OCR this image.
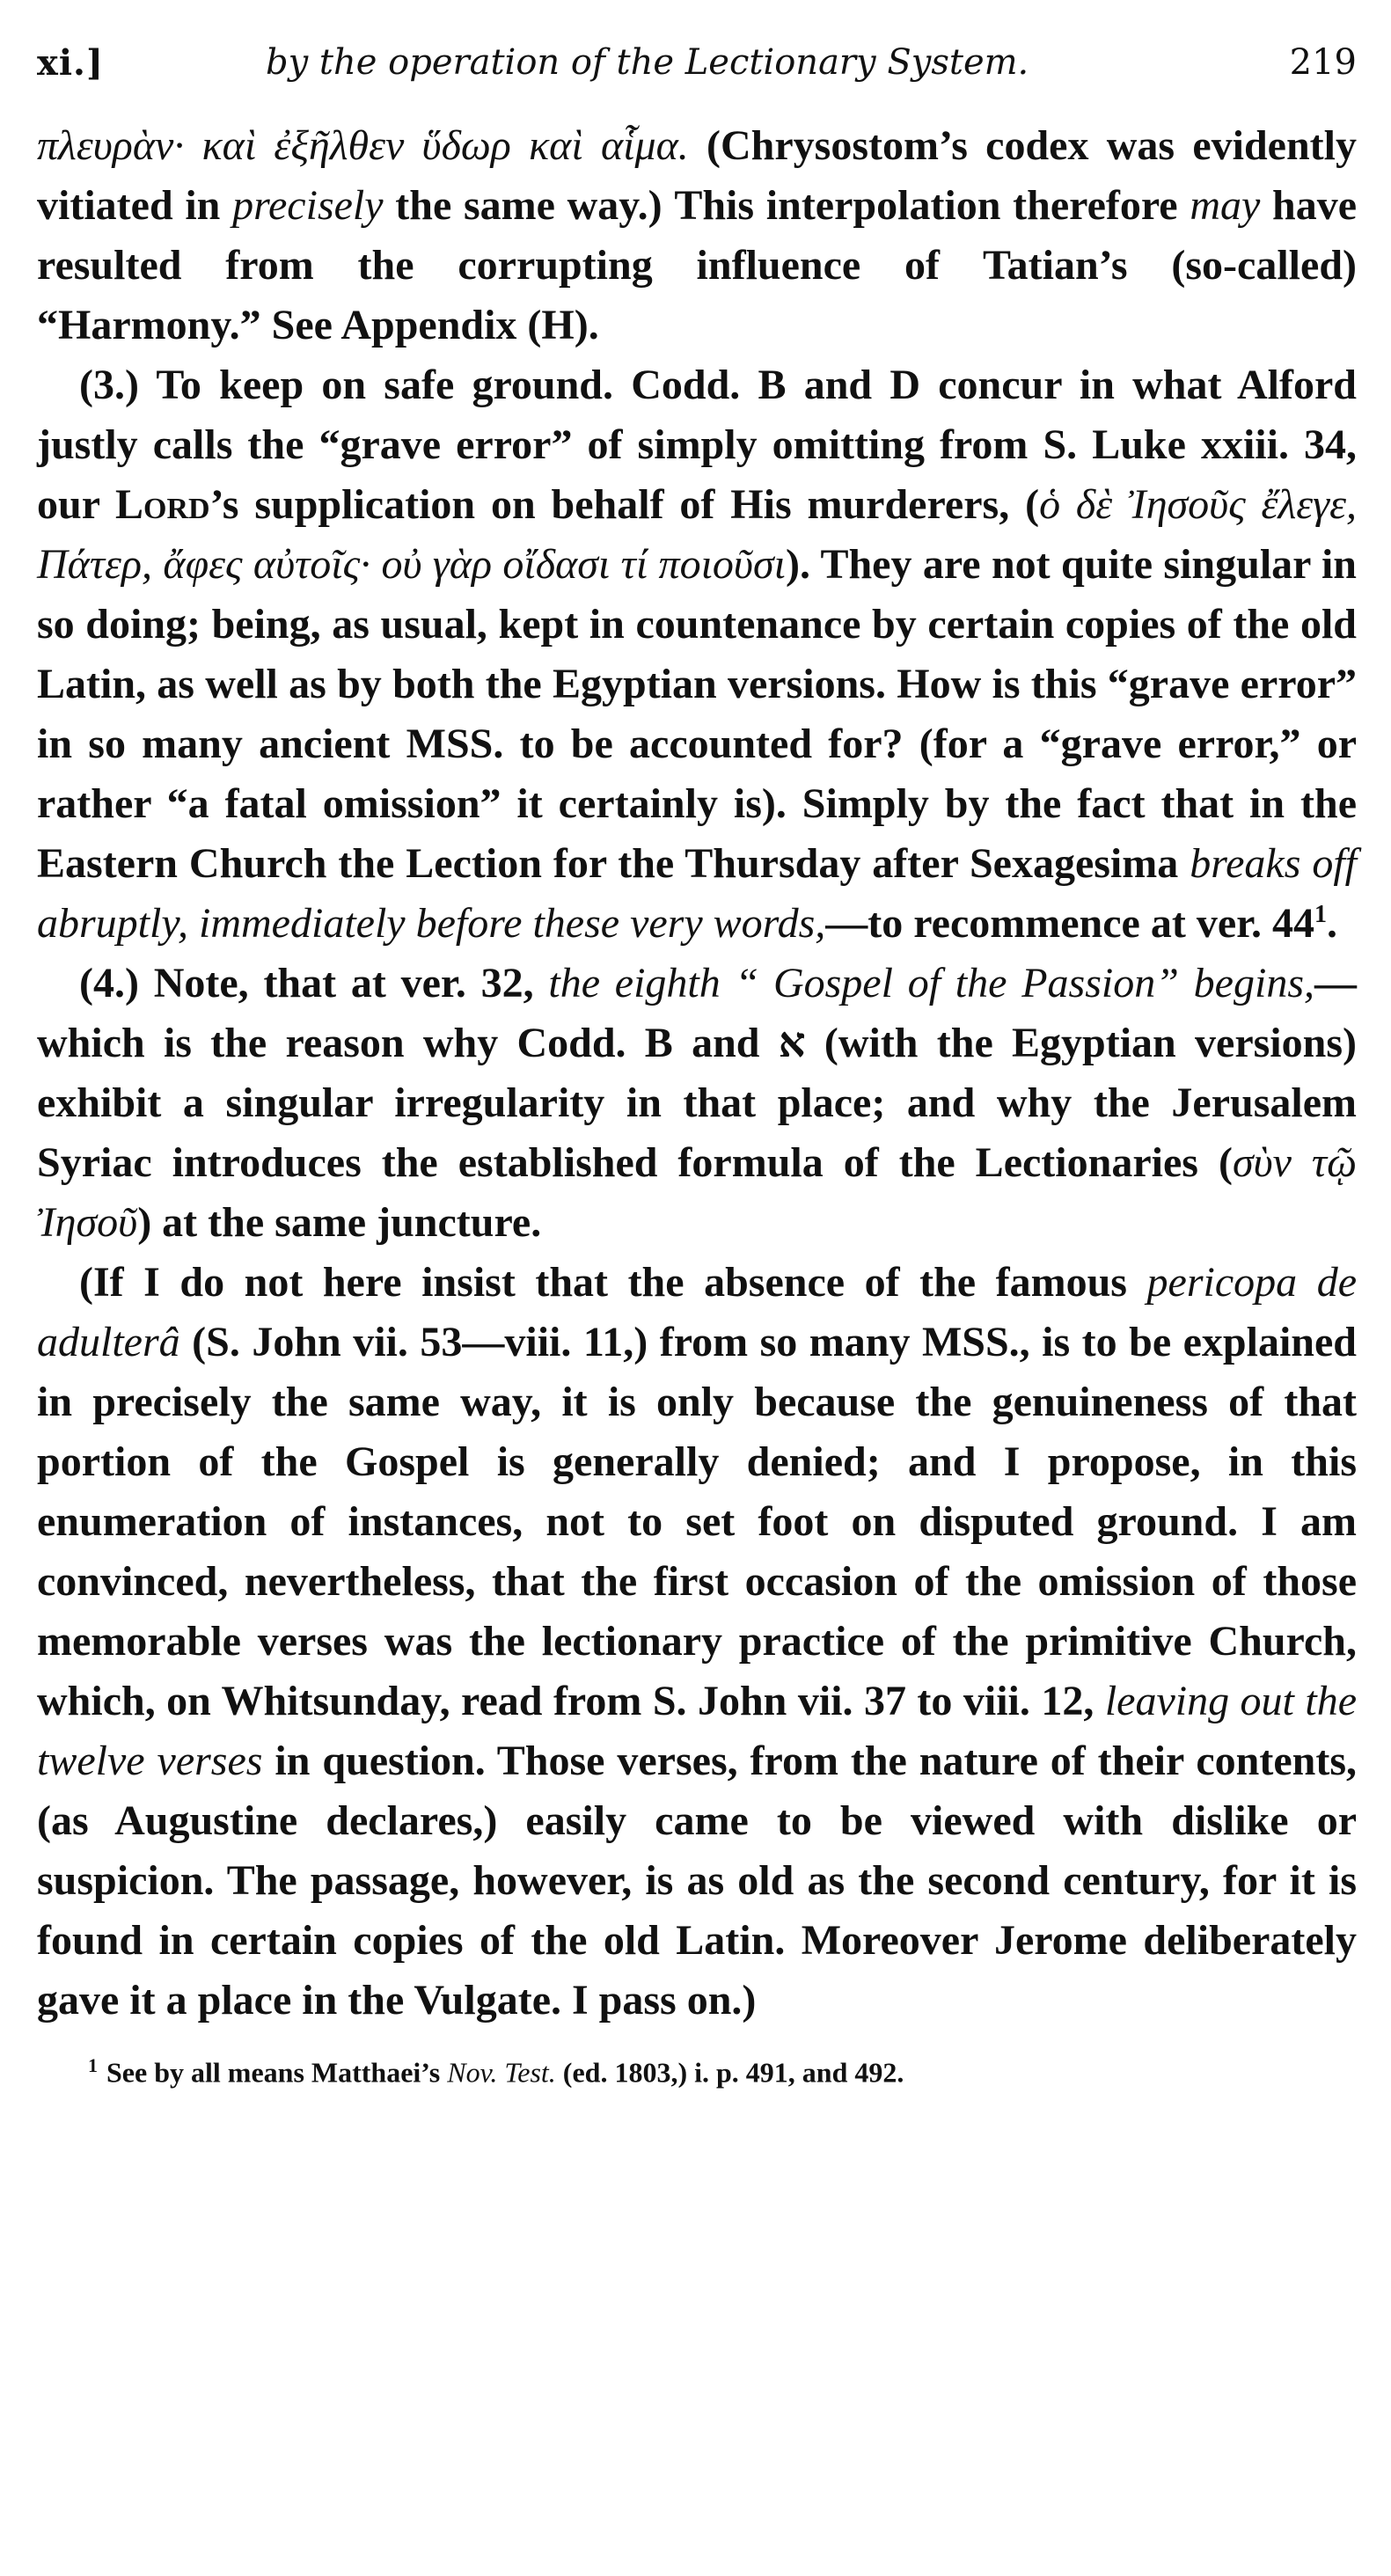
xi.]	by the operation of the Lectionary System.	219

πλευρὰν· καὶ ἐξῆλθεν ὕδωρ καὶ αἷμα. (Chrysostom’s codex was evidently vitiated in precisely the same way.) This interpolation therefore may have resulted from the corrupting influence of Tatian’s (so-called) “Harmony.” See Appendix (H).

(3.) To keep on safe ground. Codd. B and D concur in what Alford justly calls the “grave error” of simply omitting from S. Luke xxiii. 34, our Lord’s supplication on behalf of His murderers, (ὁ δὲ Ἰησοῦς ἔλεγε, Πάτερ, ἄφες αὐτοῖς· οὐ γὰρ οἴδασι τί ποιοῦσι). They are not quite singular in so doing; being, as usual, kept in countenance by certain copies of the old Latin, as well as by both the Egyptian versions. How is this “grave error” in so many ancient MSS. to be accounted for? (for a “grave error,” or rather “a fatal omission” it certainly is). Simply by the fact that in the Eastern Church the Lection for the Thursday after Sexagesima breaks off abruptly, immediately before these very words,—to recommence at ver. 44$^1$.

(4.) Note, that at ver. 32, the eighth “ Gospel of the Passion” begins,—which is the reason why Codd. B and א (with the Egyptian versions) exhibit a singular irregularity in that place; and why the Jerusalem Syriac introduces the established formula of the Lectionaries (σὺν τῷ Ἰησοῦ) at the same juncture.

(If I do not here insist that the absence of the famous pericopa de adulterâ (S. John vii. 53—viii. 11,) from so many MSS., is to be explained in precisely the same way, it is only because the genuineness of that portion of the Gospel is generally denied; and I propose, in this enumeration of instances, not to set foot on disputed ground. I am convinced, nevertheless, that the first occasion of the omission of those memorable verses was the lectionary practice of the primitive Church, which, on Whitsunday, read from S. John vii. 37 to viii. 12, leaving out the twelve verses in question. Those verses, from the nature of their contents, (as Augustine declares,) easily came to be viewed with dislike or suspicion. The passage, however, is as old as the second century, for it is found in certain copies of the old Latin. Moreover Jerome deliberately gave it a place in the Vulgate. I pass on.)

$^1$ See by all means Matthaei’s Nov. Test. (ed. 1803,) i. p. 491, and 492.
